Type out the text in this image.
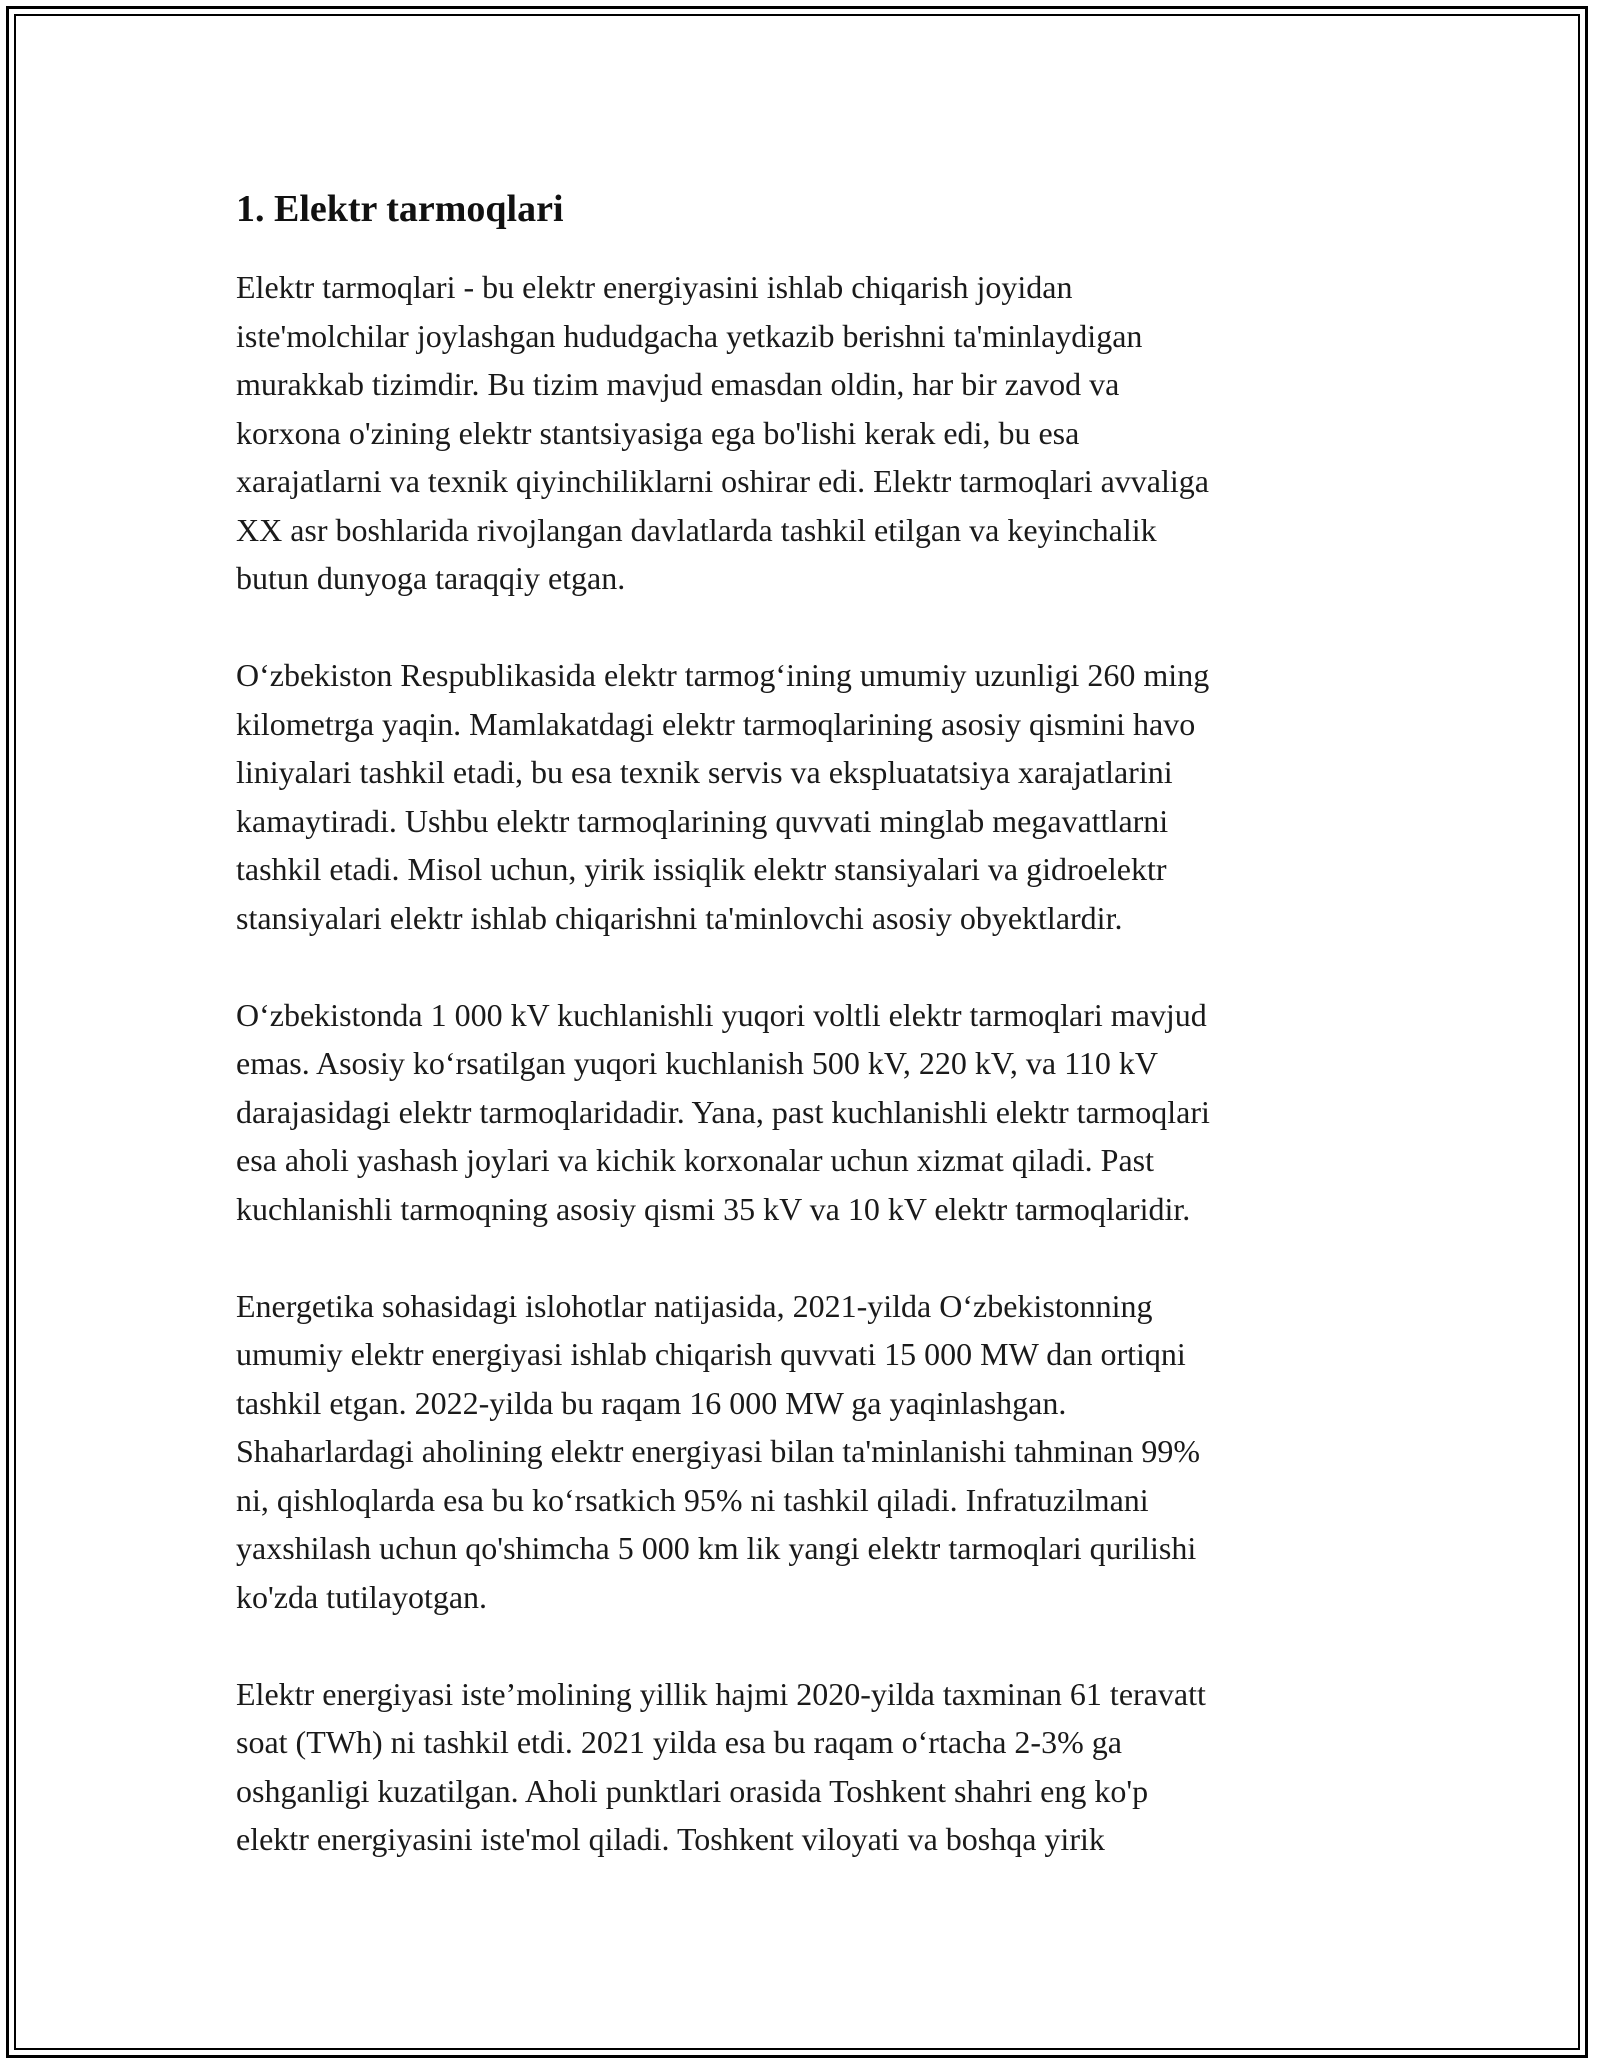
1. Elektr tarmoqlari

Elektr tarmoqlari - bu elektr energiyasini ishlab chiqarish joyidan
iste'molchilar joylashgan hududgacha yetkazib berishni ta'minlaydigan
murakkab tizimdir. Bu tizim mavjud emasdan oldin, har bir zavod va
korxona o'zining elektr stantsiyasiga ega bo'lishi kerak edi, bu esa
xarajatlarni va texnik qiyinchiliklarni oshirar edi. Elektr tarmoqlari avvaliga
XX asr boshlarida rivojlangan davlatlarda tashkil etilgan va keyinchalik
butun dunyoga taraqqiy etgan.

O‘zbekiston Respublikasida elektr tarmog‘ining umumiy uzunligi 260 ming
kilometrga yaqin. Mamlakatdagi elektr tarmoqlarining asosiy qismini havo
liniyalari tashkil etadi, bu esa texnik servis va ekspluatatsiya xarajatlarini
kamaytiradi. Ushbu elektr tarmoqlarining quvvati minglab megavattlarni
tashkil etadi. Misol uchun, yirik issiqlik elektr stansiyalari va gidroelektr
stansiyalari elektr ishlab chiqarishni ta'minlovchi asosiy obyektlardir.

O‘zbekistonda 1 000 kV kuchlanishli yuqori voltli elektr tarmoqlari mavjud
emas. Asosiy ko‘rsatilgan yuqori kuchlanish 500 kV, 220 kV, va 110 kV
darajasidagi elektr tarmoqlaridadir. Yana, past kuchlanishli elektr tarmoqlari
esa aholi yashash joylari va kichik korxonalar uchun xizmat qiladi. Past
kuchlanishli tarmoqning asosiy qismi 35 kV va 10 kV elektr tarmoqlaridir.

Energetika sohasidagi islohotlar natijasida, 2021-yilda O‘zbekistonning
umumiy elektr energiyasi ishlab chiqarish quvvati 15 000 MW dan ortiqni
tashkil etgan. 2022-yilda bu raqam 16 000 MW ga yaqinlashgan.
Shaharlardagi aholining elektr energiyasi bilan ta'minlanishi tahminan 99%
ni, qishloqlarda esa bu ko‘rsatkich 95% ni tashkil qiladi. Infratuzilmani
yaxshilash uchun qo'shimcha 5 000 km lik yangi elektr tarmoqlari qurilishi
ko'zda tutilayotgan.

Elektr energiyasi iste’molining yillik hajmi 2020-yilda taxminan 61 teravatt
soat (TWh) ni tashkil etdi. 2021 yilda esa bu raqam o‘rtacha 2-3% ga
oshganligi kuzatilgan. Aholi punktlari orasida Toshkent shahri eng ko'p
elektr energiyasini iste'mol qiladi. Toshkent viloyati va boshqa yirik
